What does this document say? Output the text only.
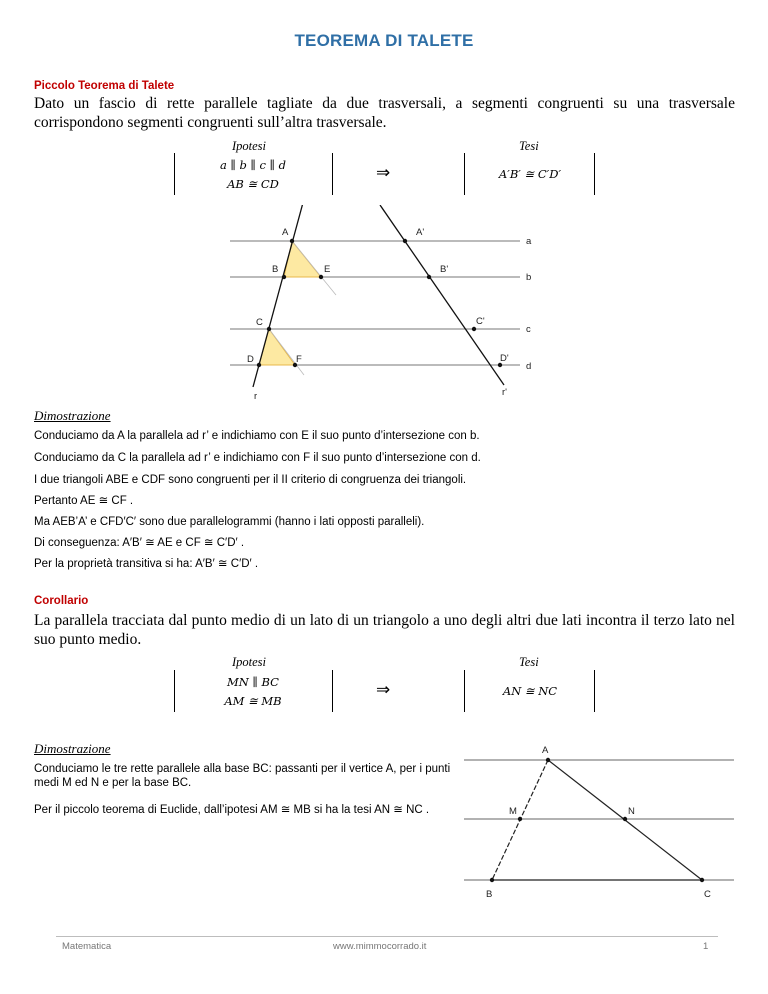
TEOREMA DI TALETE
Piccolo Teorema di Talete
Dato un fascio di rette parallele tagliate da due trasversali, a segmenti congruenti su una trasversale corrispondono segmenti congruenti sull’altra trasversale.
Ipotesi	Tesi
a ∥ b ∥ c ∥ d
AB ≅ CD
⇒	A′B′ ≅ C′D′
A
B	E
C
D	F
A'
B'
C'
D'
a
b
c
d
r	r'
Dimostrazione
Conduciamo da A la parallela ad r’ e indichiamo con E il suo punto d’intersezione con b.
Conduciamo da C la parallela ad r’ e indichiamo con F il suo punto d’intersezione con d.
I due triangoli ABE e CDF sono congruenti per il II criterio di congruenza dei triangoli.
Pertanto AE ≅ CF .
Ma AEB’A’ e CFD′C′ sono due parallelogrammi (hanno i lati opposti paralleli).
Di conseguenza: A′B′ ≅ AE e CF ≅ C′D′ .
Per la proprietà transitiva si ha: A′B′ ≅ C′D′ .
Corollario
La parallela tracciata dal punto medio di un lato di un triangolo a uno degli altri due lati incontra il terzo lato nel suo punto medio.
Ipotesi	Tesi
MN ∥ BC
AM ≅ MB
⇒	AN ≅ NC
Dimostrazione
Conduciamo le tre rette parallele alla base BC: passanti per il vertice A, per i punti medi M ed N e per la base BC.
Per il piccolo teorema di Euclide, dall’ipotesi AM ≅ MB si ha la tesi AN ≅ NC .
A
M	N
B	C
Matematica	www.mimmocorrado.it	1
